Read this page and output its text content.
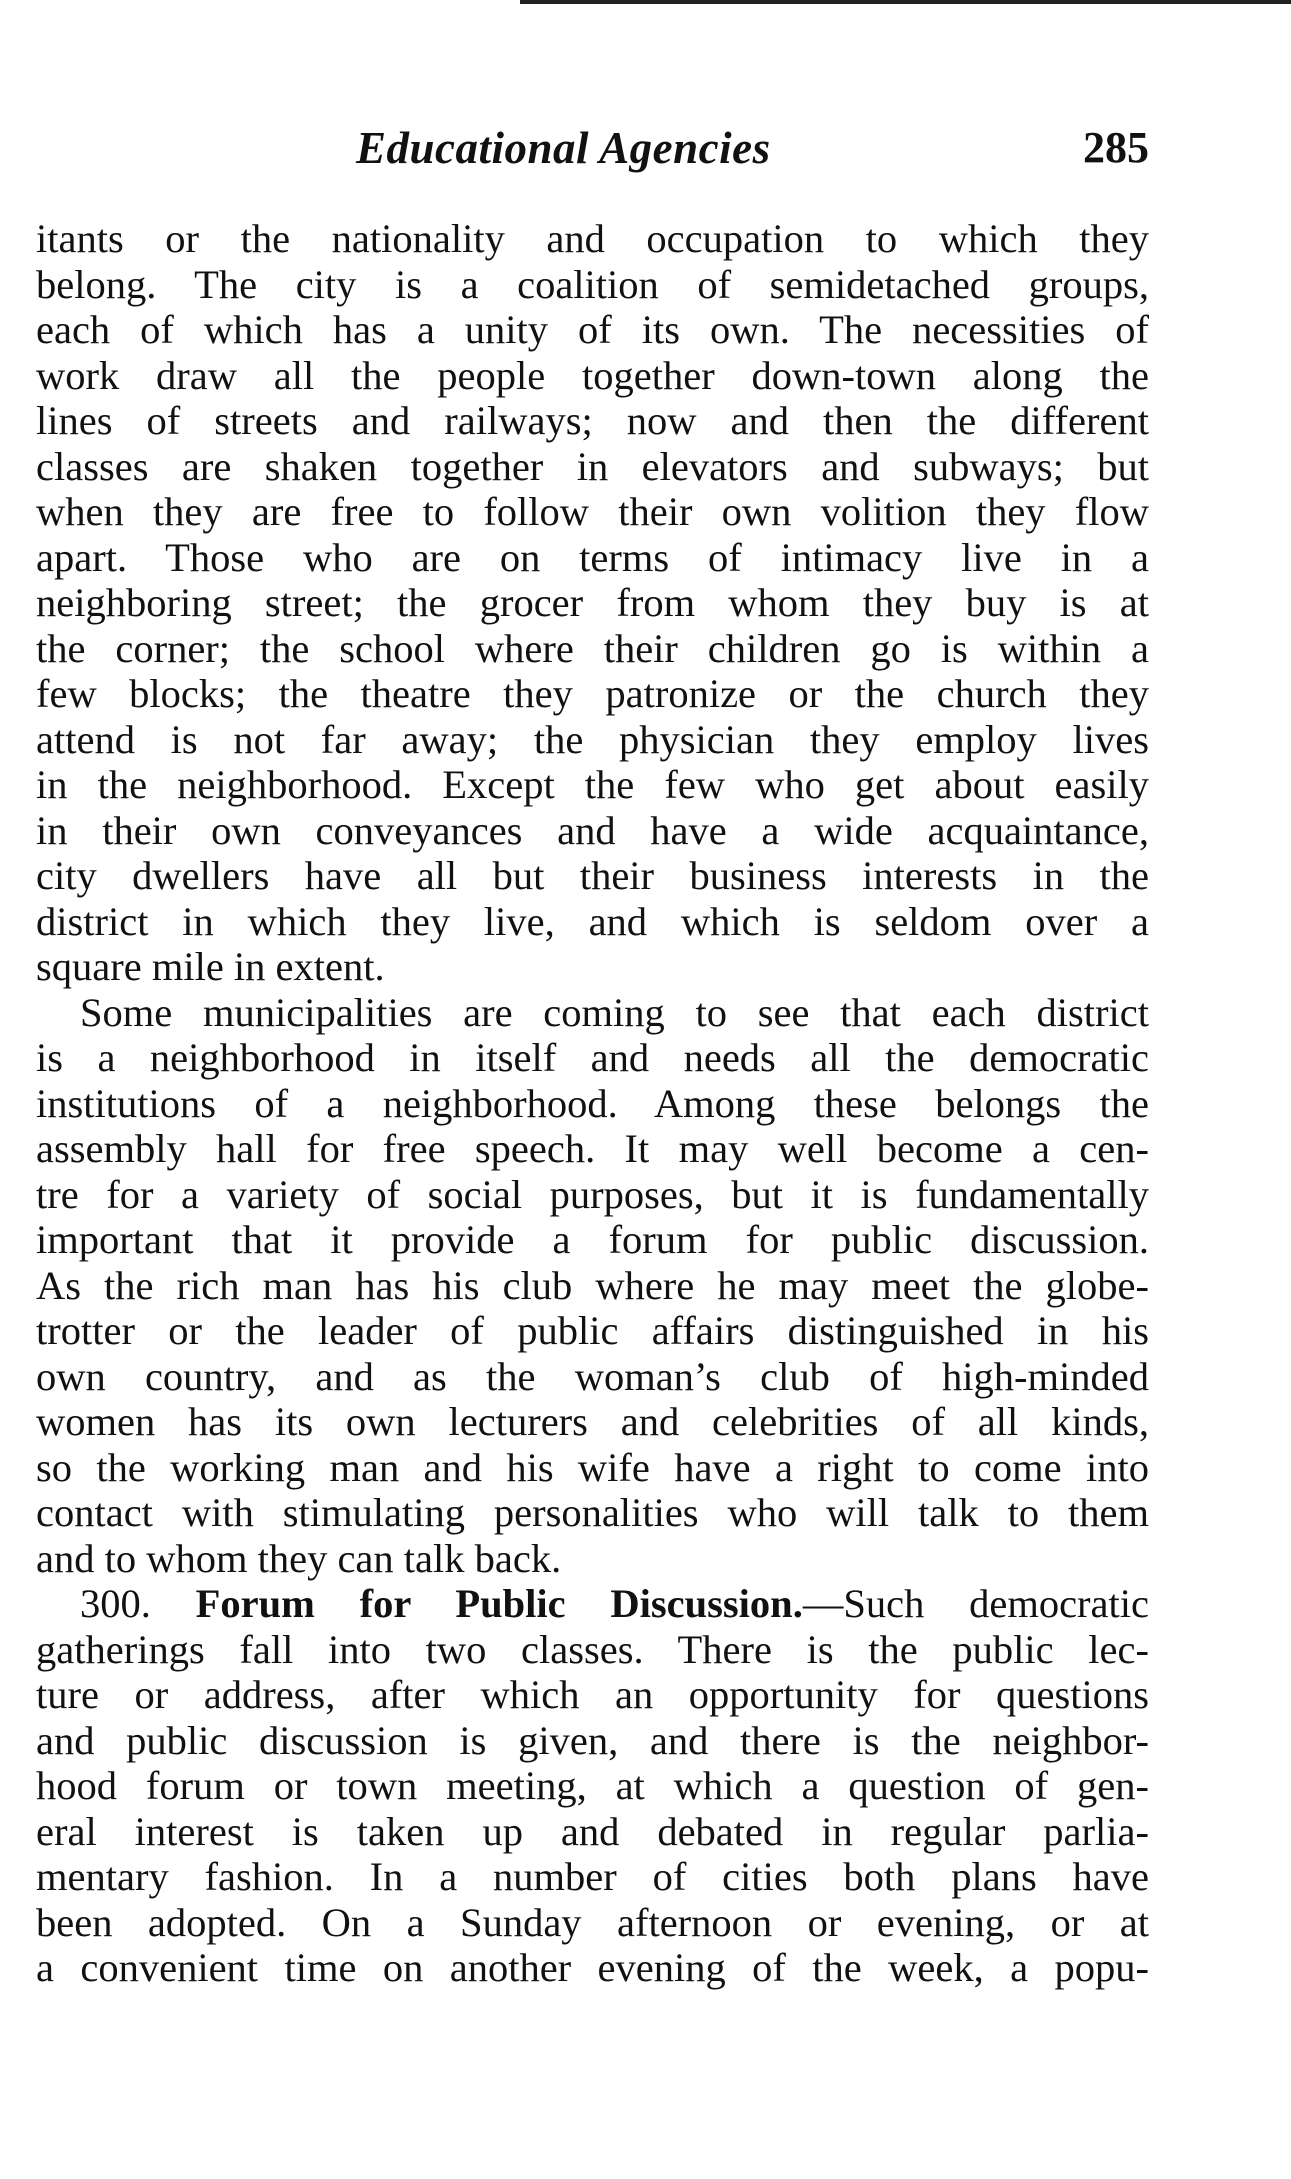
Educational Agencies	285
itants or the nationality and occupation to which they
belong. The city is a coalition of semidetached groups,
each of which has a unity of its own. The necessities of
work draw all the people together down-town along the
lines of streets and railways; now and then the different
classes are shaken together in elevators and subways; but
when they are free to follow their own volition they flow
apart. Those who are on terms of intimacy live in a
neighboring street; the grocer from whom they buy is at
the corner; the school where their children go is within a
few blocks; the theatre they patronize or the church they
attend is not far away; the physician they employ lives
in the neighborhood. Except the few who get about easily
in their own conveyances and have a wide acquaintance,
city dwellers have all but their business interests in the
district in which they live, and which is seldom over a
square mile in extent.
Some municipalities are coming to see that each district
is a neighborhood in itself and needs all the democratic
institutions of a neighborhood. Among these belongs the
assembly hall for free speech. It may well become a cen-
tre for a variety of social purposes, but it is fundamentally
important that it provide a forum for public discussion.
As the rich man has his club where he may meet the globe-
trotter or the leader of public affairs distinguished in his
own country, and as the woman’s club of high-minded
women has its own lecturers and celebrities of all kinds,
so the working man and his wife have a right to come into
contact with stimulating personalities who will talk to them
and to whom they can talk back.
300. Forum for Public Discussion.—Such democratic
gatherings fall into two classes. There is the public lec-
ture or address, after which an opportunity for questions
and public discussion is given, and there is the neighbor-
hood forum or town meeting, at which a question of gen-
eral interest is taken up and debated in regular parlia-
mentary fashion. In a number of cities both plans have
been adopted. On a Sunday afternoon or evening, or at
a convenient time on another evening of the week, a popu-
